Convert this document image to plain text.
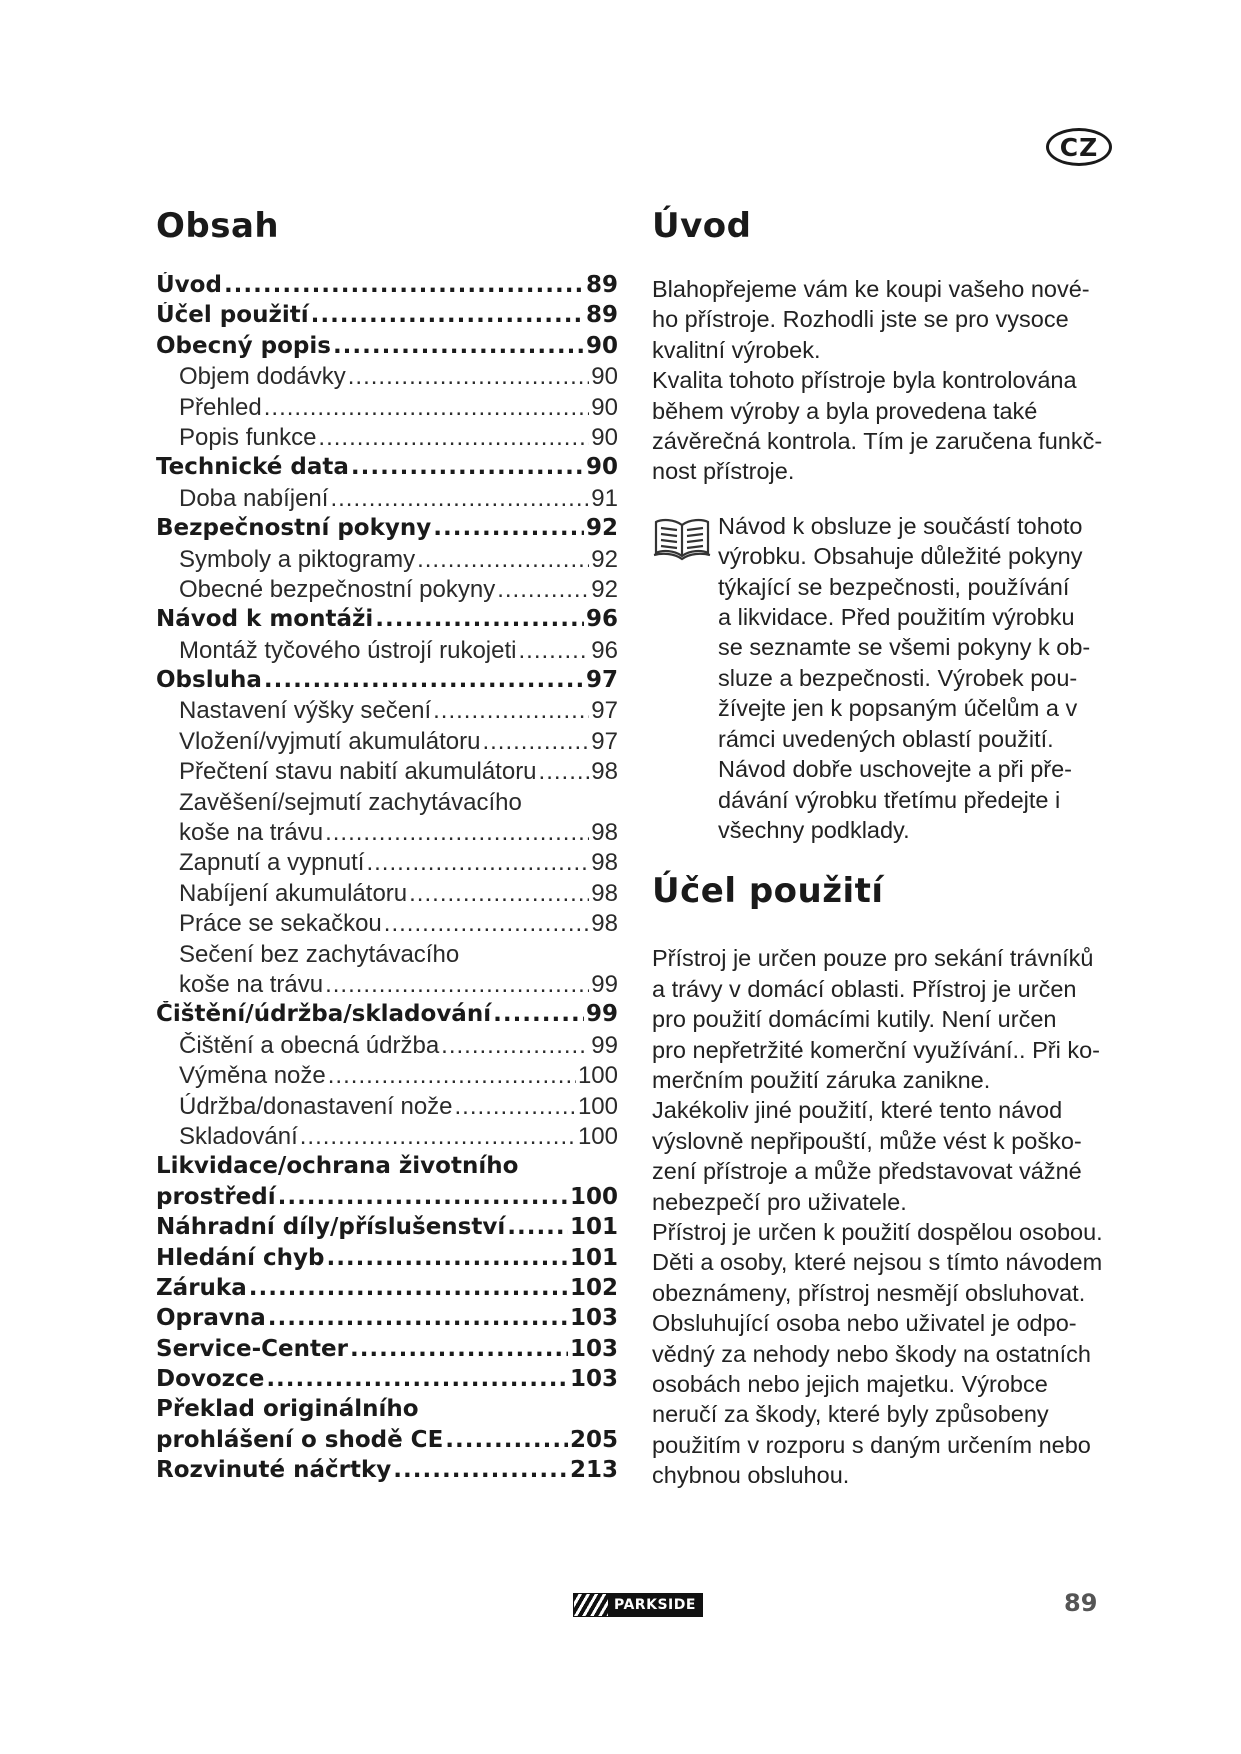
CZ
Obsah
Úvod .....	89
Účel použití .....	89
Obecný popis .....	90
Objem dodávky .....	90
Přehled .....	90
Popis funkce .....	90
Technické data .....	90
Doba nabíjení .....	91
Bezpečnostní pokyny .....	92
Symboly a piktogramy .....	92
Obecné bezpečnostní pokyny .....	92
Návod k montáži .....	96
Montáž tyčového ústrojí rukojeti .....	96
Obsluha .....	97
Nastavení výšky sečení .....	97
Vložení/vyjmutí akumulátoru .....	97
Přečtení stavu nabití akumulátoru ..... 98
Zavěšení/sejmutí zachytávacího
koše na trávu .....	98
Zapnutí a vypnutí .....	98
Nabíjení akumulátoru .....	98
Práce se sekačkou .....	98
Sečení bez zachytávacího
koše na trávu .....	99
Čištění/údržba/skladování .....	99
Čištění a obecná údržba .....	99
Výměna nože .....	100
Údržba/donastavení nože .....	100
Skladování .....	100
Likvidace/ochrana životního
prostředí .....	100
Náhradní díly/příslušenství .....	101
Hledání chyb .....	101
Záruka .....	102
Opravna .....	103
Service-Center .....	103
Dovozce .....	103
Překlad originálního
prohlášení o shodě CE .....	205
Rozvinuté náčrtky .....	213
Úvod

Blahopřejeme vám ke koupi vašeho nové-

ho přístroje. Rozhodli jste se pro vysoce

kvalitní výrobek.

Kvalita tohoto přístroje byla kontrolována

během výroby a byla provedena také

závěrečná kontrola. Tím je zaručena funkč-

nost přístroje.

Návod k obsluze je součástí tohoto

výrobku. Obsahuje důležité pokyny

týkající se bezpečnosti, používání

a likvidace. Před použitím výrobku

se seznamte se všemi pokyny k ob-

sluze a bezpečnosti. Výrobek pou-

žívejte jen k popsaným účelům a v

rámci uvedených oblastí použití.

Návod dobře uschovejte a při pře-

dávání výrobku třetímu předejte i

všechny podklady.

Účel použití

Přístroj je určen pouze pro sekání trávníků

a trávy v domácí oblasti. Přístroj je určen

pro použití domácími kutily. Není určen

pro nepřetržité komerční využívání.. Při ko-

merčním použití záruka zanikne.

Jakékoliv jiné použití, které tento návod

výslovně nepřipouští, může vést k poško-

zení přístroje a může představovat vážné

nebezpečí pro uživatele.

Přístroj je určen k použití dospělou osobou.

Děti a osoby, které nejsou s tímto návodem

obeznámeny, přístroj nesmějí obsluhovat.

Obsluhující osoba nebo uživatel je odpo-

vědný za nehody nebo škody na ostatních

osobách nebo jejich majetku. Výrobce

neručí za škody, které byly způsobeny

použitím v rozporu s daným určením nebo

chybnou obsluhou.

PARKSIDE	89
